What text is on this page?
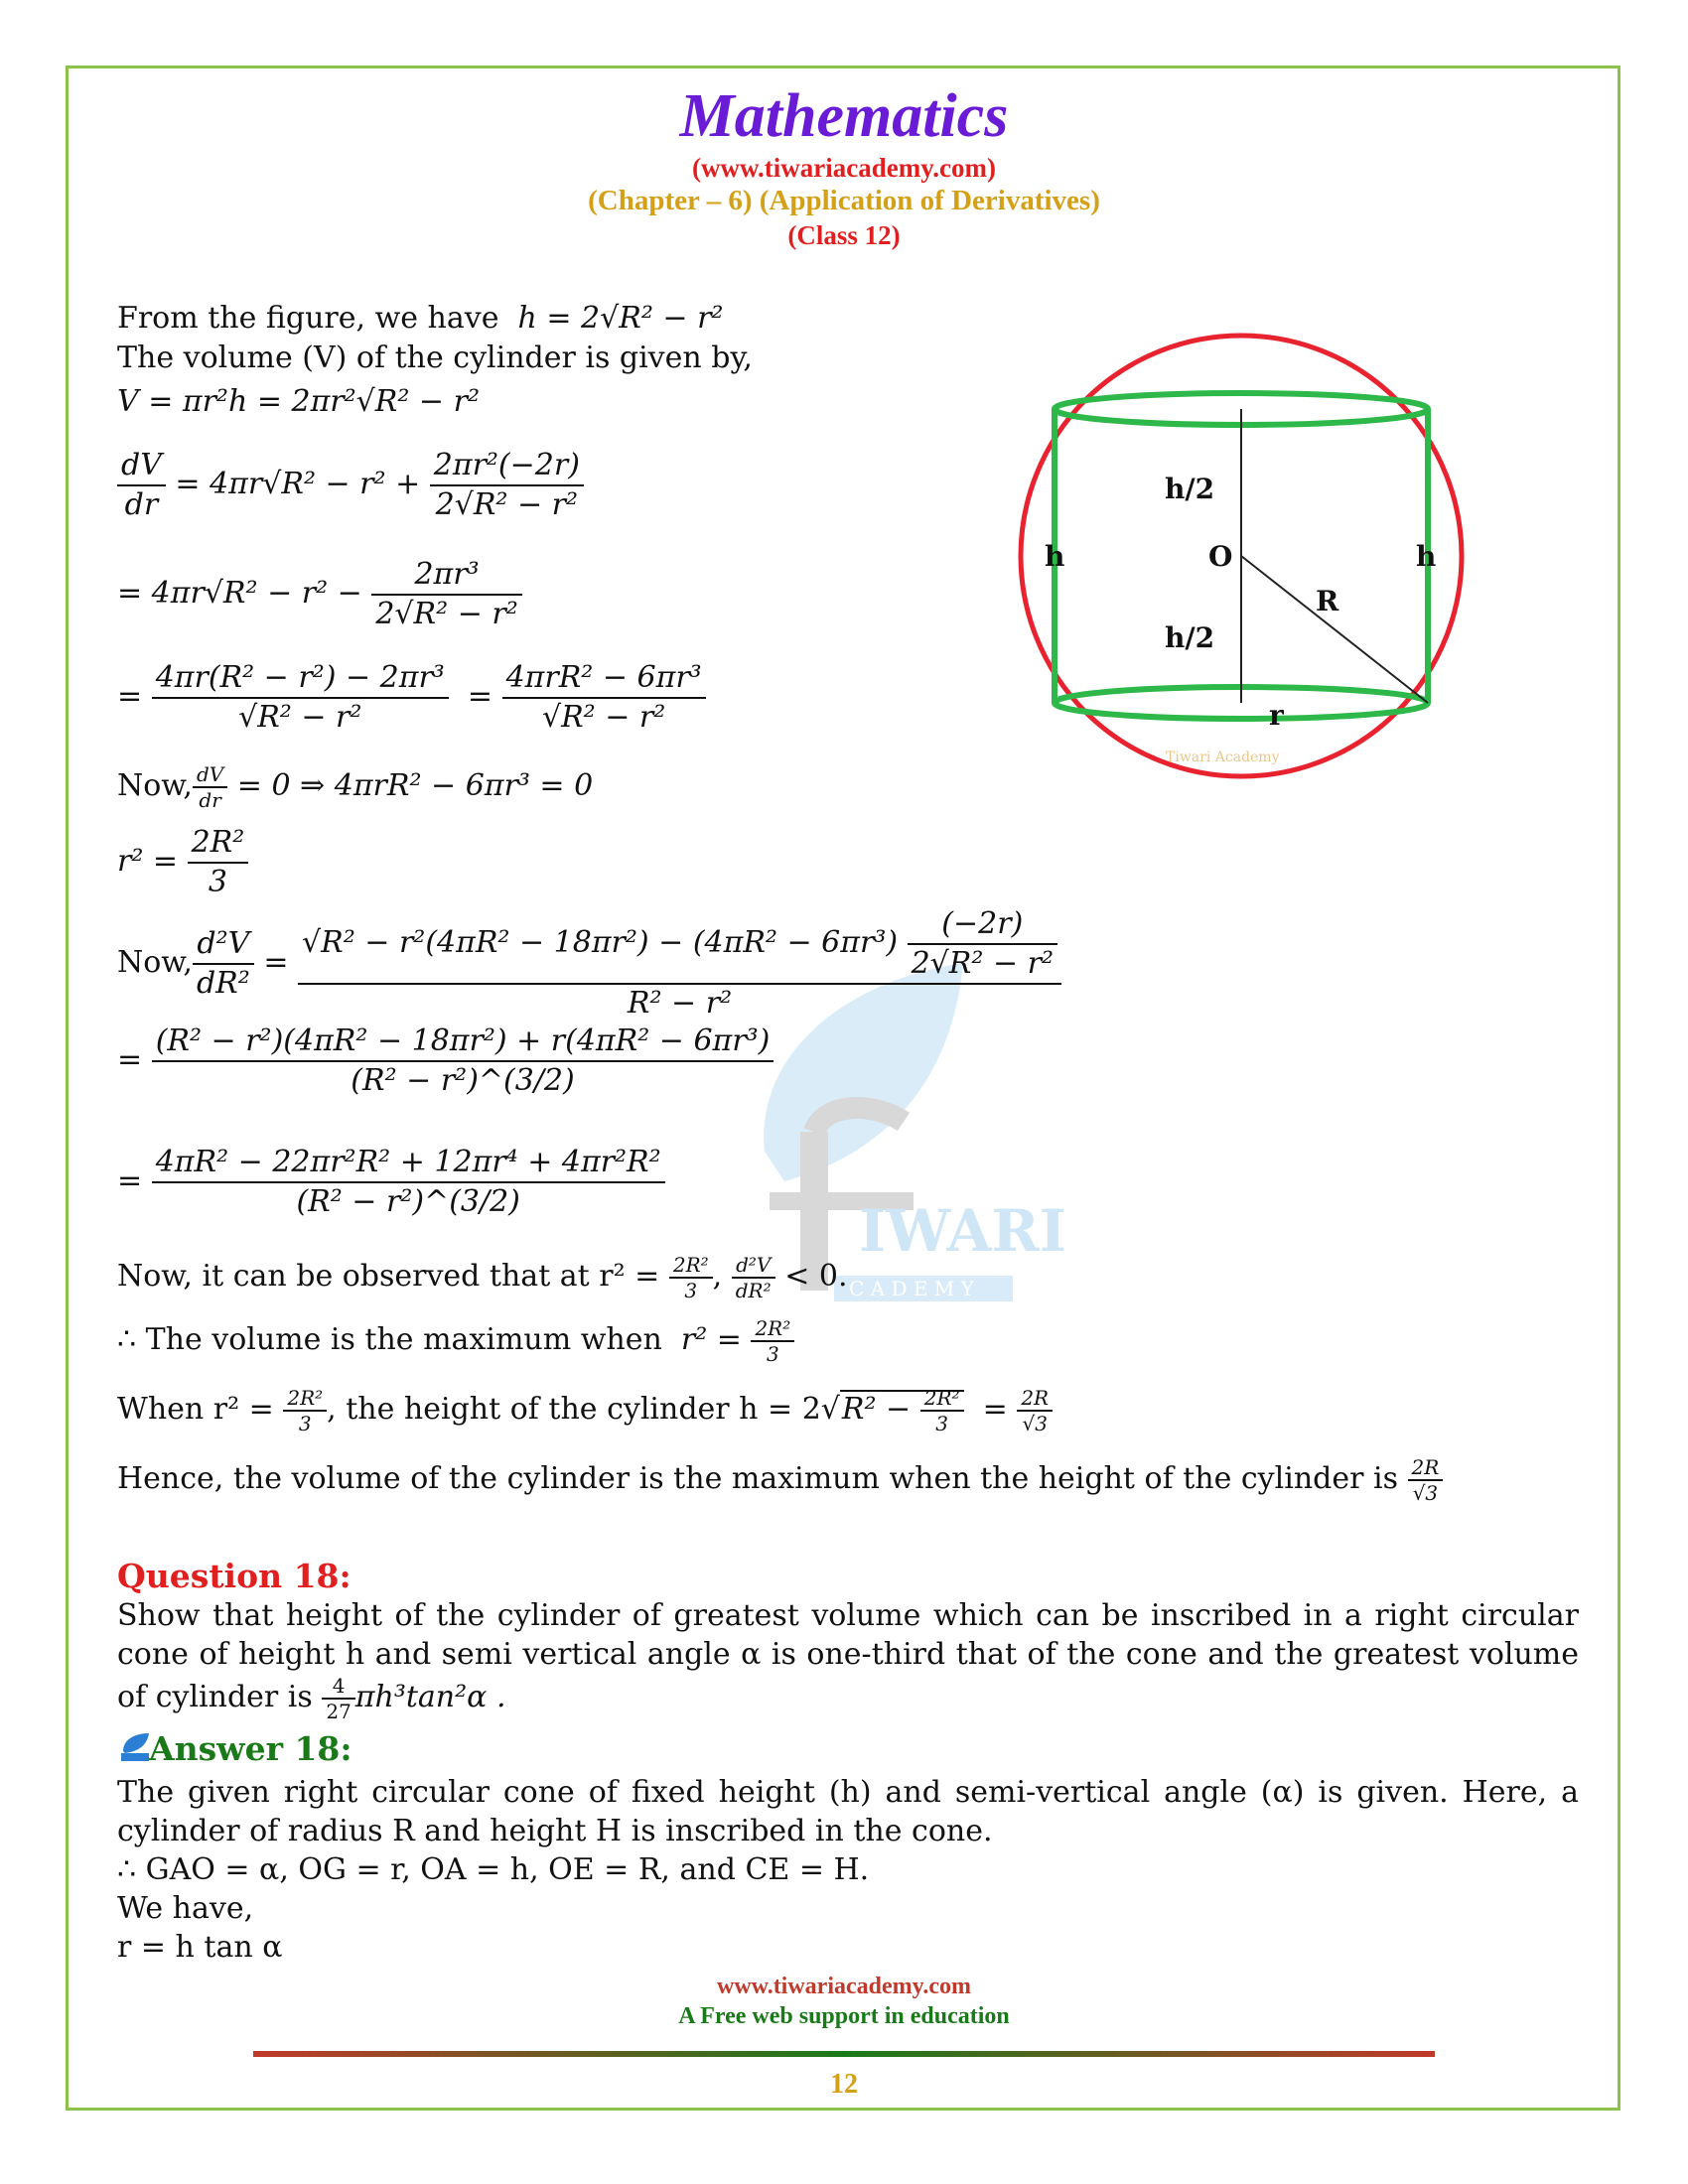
Mathematics
(www.tiwariacademy.com)
(Chapter – 6) (Application of Derivatives)
(Class 12)
IWARI
C A D E M Y
h/2
O
h	h
R
h/2
r
Tiwari Academy
From the figure, we have h = 2√R² − r²
The volume (V) of the cylinder is given by,
V = πr²h = 2πr²√R² − r²
$\frac{dV}{dr} = 4\pi r√R^2 - r^2 + \frac{\text{2πr²(−2r)}}{\text{2√R² − r²}}$
= $4\pi r√R^2 - r^2 - \frac{\text{2πr³}}{\text{2√R² − r²}}$
= $\frac{\text{4πr(R² − r²) − 2πr³}}{\text{√R² − r²}} = \frac{\text{4πrR² − 6πr³}}{\text{√R² − r²}}$
Now, $\frac{dV}{dr} = 0$ ⇒ 4πrR² − 6πr³ = 0
$r^2 = \frac{\text{2R²}}{3}$
Now, $\frac{\text{d²V}}{\text{dR²}} = \frac{√R^2 - r^2(4\pi R^2 - 18\pi r^2) - (4\pi R^2 - 6\pi r^3) \frac{(-2r)}{\text{2√R² − r²}}}{\text{R² − r²}}$
= $\frac{\text{(R² − r²)(4πR² − 18πr²) + r(4πR² − 6πr³)}}{\text{(R² − r²)\textasciicircum{}(3/2)}}$
= $\frac{\text{4πR² − 22πr²R² + 12πr⁴ + 4πr²R²}}{\text{(R² − r²)\textasciicircum{}(3/2)}}$
Now, it can be observed that at $r^2 = \frac{\text{2R²}}{3}$ , $\frac{\text{d²V}}{\text{dR²}} < 0$.
∴ The volume is the maximum when $r^2 = \frac{\text{2R²}}{3}$
When $r^2 = \frac{\text{2R²}}{3}$ , the height of the cylinder $h = 2√R^2 - \frac{\text{2R²}}{3} = \frac{2R}{√3}$
Hence, the volume of the cylinder is the maximum when the height of the cylinder is $\frac{2R}{√3}$
Question 18:
Show that height of the cylinder of greatest volume which can be inscribed in a right circular cone of height h and semi vertical angle α is one-third that of the cone and the greatest volume of cylinder is $\frac{4}{27} \pi h^3\tan^2\alpha$ .
Answer 18:
The given right circular cone of fixed height (h) and semi-vertical angle (α) is given. Here, a cylinder of radius R and height H is inscribed in the cone.
∴ GAO = α, OG = r, OA = h, OE = R, and CE = H.
We have,
r = h tan α
www.tiwariacademy.com
A Free web support in education
12
